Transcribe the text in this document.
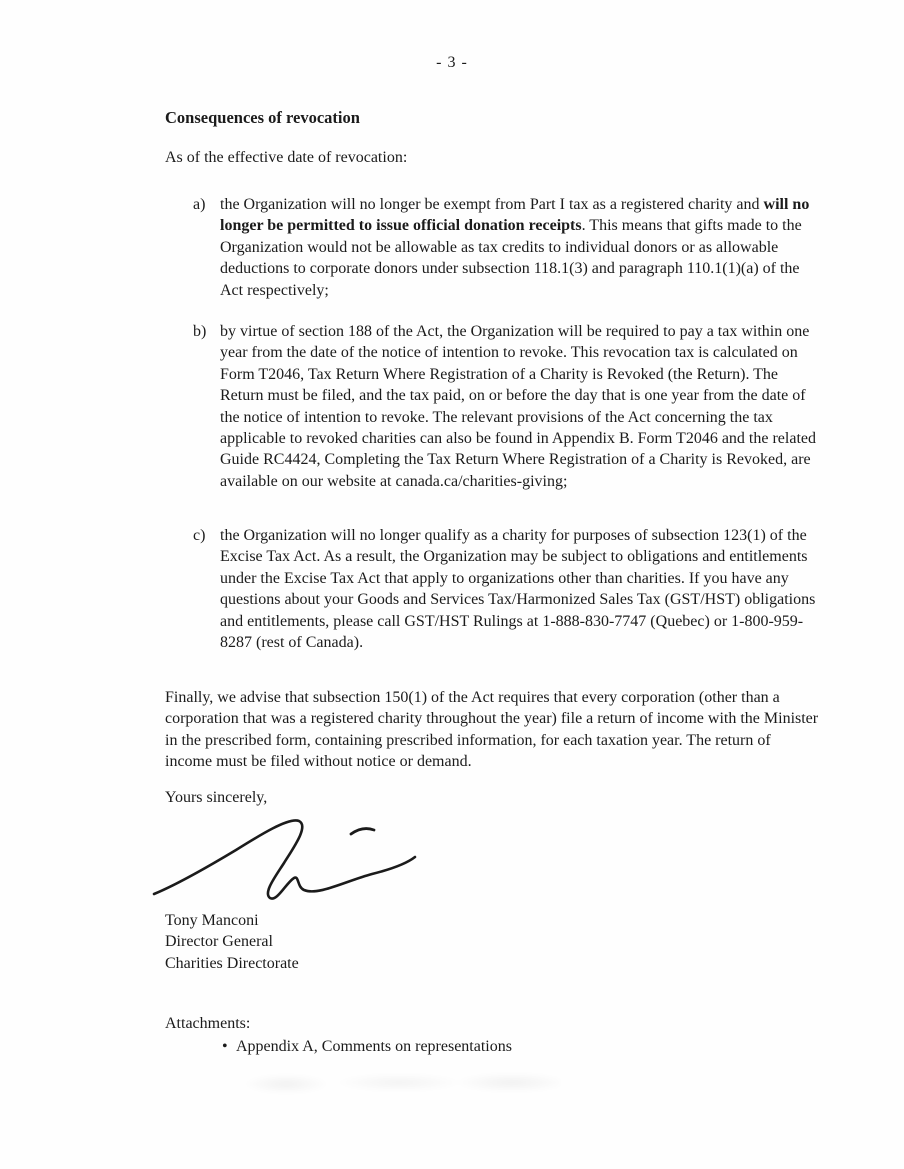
- 3 -

Consequences of revocation

As of the effective date of revocation:

a) the Organization will no longer be exempt from Part I tax as a registered charity and will no longer be permitted to issue official donation receipts. This means that gifts made to the Organization would not be allowable as tax credits to individual donors or as allowable deductions to corporate donors under subsection 118.1(3) and paragraph 110.1(1)(a) of the Act respectively;
b) by virtue of section 188 of the Act, the Organization will be required to pay a tax within one year from the date of the notice of intention to revoke. This revocation tax is calculated on Form T2046, Tax Return Where Registration of a Charity is Revoked (the Return). The Return must be filed, and the tax paid, on or before the day that is one year from the date of the notice of intention to revoke. The relevant provisions of the Act concerning the tax applicable to revoked charities can also be found in Appendix B. Form T2046 and the related Guide RC4424, Completing the Tax Return Where Registration of a Charity is Revoked, are available on our website at canada.ca/charities-giving;
c) the Organization will no longer qualify as a charity for purposes of subsection 123(1) of the Excise Tax Act. As a result, the Organization may be subject to obligations and entitlements under the Excise Tax Act that apply to organizations other than charities. If you have any questions about your Goods and Services Tax/Harmonized Sales Tax (GST/HST) obligations and entitlements, please call GST/HST Rulings at 1-888-830-7747 (Quebec) or 1-800-959-8287 (rest of Canada).

Finally, we advise that subsection 150(1) of the Act requires that every corporation (other than a corporation that was a registered charity throughout the year) file a return of income with the Minister in the prescribed form, containing prescribed information, for each taxation year. The return of income must be filed without notice or demand.

Yours sincerely,

Tony Manconi
Director General
Charities Directorate

Attachments:

• Appendix A, Comments on representations
